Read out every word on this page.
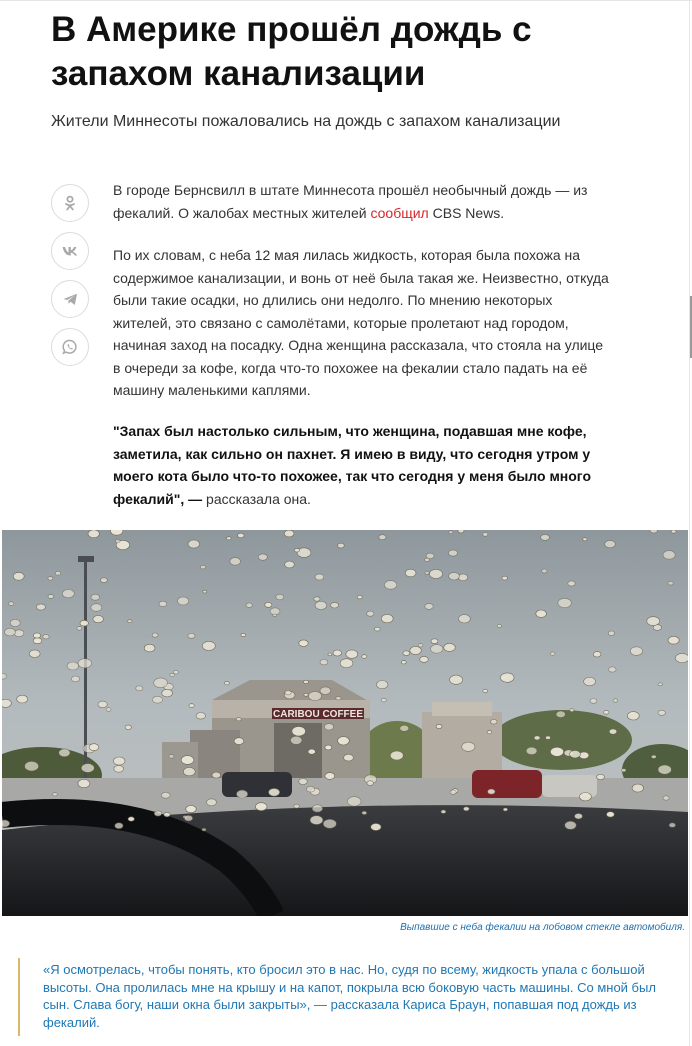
В Америке прошёл дождь с запахом канализации

Жители Миннесоты пожаловались на дождь с запахом канализации

В городе Бернсвилл в штате Миннесота прошёл необычный дождь — из фекалий. О жалобах местных жителей сообщил CBS News.

По их словам, с неба 12 мая лилась жидкость, которая была похожа на содержимое канализации, и вонь от неё была такая же. Неизвестно, откуда были такие осадки, но длились они недолго. По мнению некоторых жителей, это связано с самолётами, которые пролетают над городом, начиная заход на посадку. Одна женщина рассказала, что стояла на улице в очереди за кофе, когда что-то похожее на фекалии стало падать на её машину маленькими каплями.

"Запах был настолько сильным, что женщина, подавшая мне кофе, заметила, как сильно он пахнет. Я имею в виду, что сегодня утром у моего кота было что-то похожее, так что сегодня у меня было много фекалий", — рассказала она.

CARIBOU COFFEE

Выпавшие с неба фекалии на лобовом стекле автомобиля.

«Я осмотрелась, чтобы понять, кто бросил это в нас. Но, судя по всему, жидкость упала с большой высоты. Она пролилась мне на крышу и на капот, покрыла всю боковую часть машины. Со мной был сын. Слава богу, наши окна были закрыты», — рассказала Кариса Браун, попавшая под дождь из фекалий.
